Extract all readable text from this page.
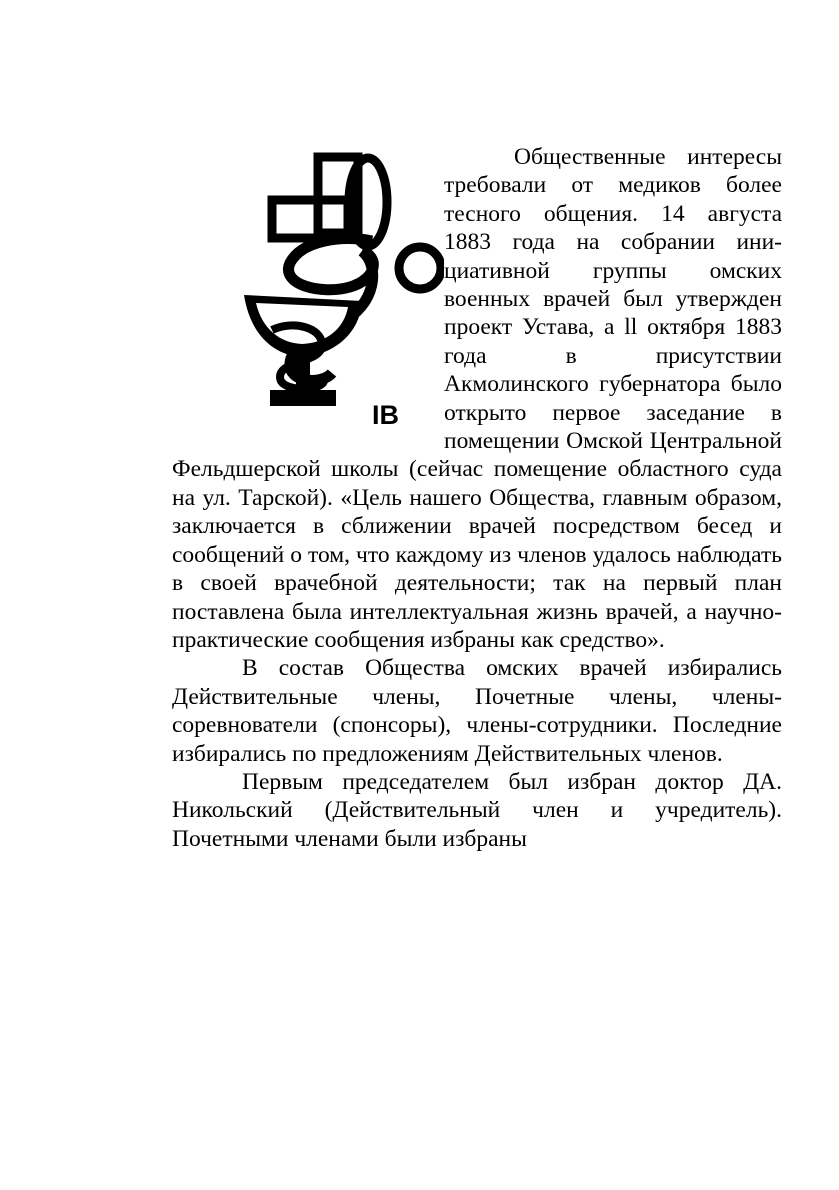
ІВ

Общественные интересы требовали от медиков более тесного общения. 14 августа 1883 года на собрании ини-циативной группы омских военных врачей был утвержден проект Устава, а ll октября 1883 года в присутствии Акмолинского губернатора было открыто первое заседание в помещении Омской Центральной Фельдшерской школы (сейчас помещение областного суда на ул. Тарской). «Цель нашего Общества, главным образом, заключается в сближении врачей посредством бесед и сообщений о том, что каждому из членов удалось наблюдать в своей врачебной деятельности; так на первый план поставлена была интеллектуальная жизнь врачей, а научно-практические сообщения избраны как средство».

В состав Общества омских врачей избирались Действительные члены, Почетные члены, члены-соревнователи (спонсоры), члены-сотрудники. Последние избирались по предложениям Действительных членов.

Первым председателем был избран доктор ДА. Никольский (Действительный член и учредитель). Почетными членами были избраны
